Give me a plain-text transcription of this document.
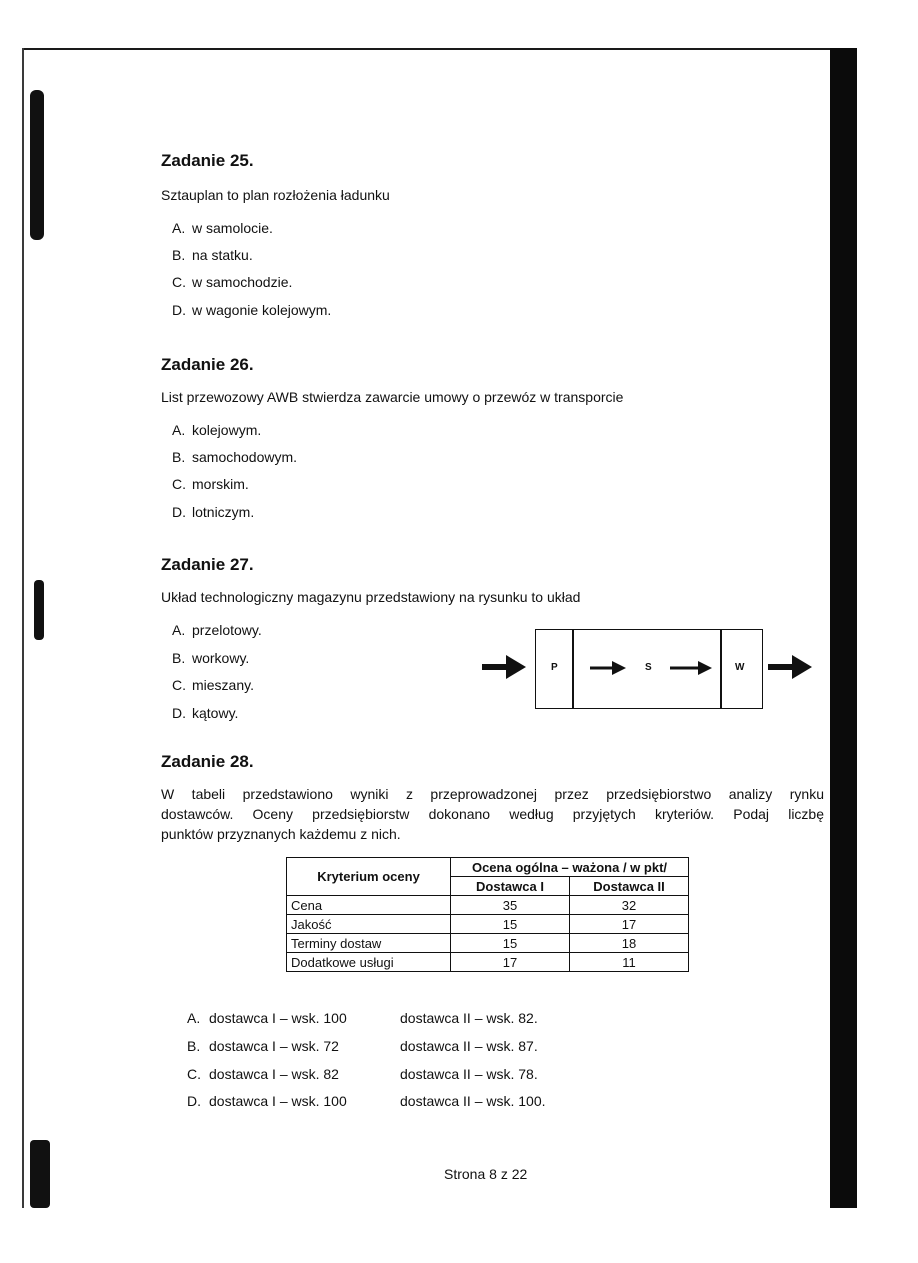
Zadanie 25.
Sztauplan to plan rozłożenia ładunku
A. w samolocie.
B. na statku.
C. w samochodzie.
D. w wagonie kolejowym.
Zadanie 26.
List przewozowy AWB stwierdza zawarcie umowy o przewóz w transporcie
A. kolejowym.
B. samochodowym.
C. morskim.
D. lotniczym.
Zadanie 27.
Układ technologiczny magazynu przedstawiony na rysunku to układ
A. przelotowy.
B. workowy.
C. mieszany.
D. kątowy.
P	S	W
Zadanie 28.
W tabeli przedstawiono wyniki z przeprowadzonej przez przedsiębiorstwo analizy rynku
dostawców. Oceny przedsiębiorstw dokonano według przyjętych kryteriów. Podaj liczbę
punktów przyznanych każdemu z nich.
Kryterium oceny	Ocena ogólna – ważona / w pkt/	
	Dostawca I	Dostawca II
Cena	35	32
Jakość	15	17
Terminy dostaw	15	18
Dodatkowe usługi	17	11
A. dostawca I – wsk. 100	dostawca II – wsk. 82.
B. dostawca I – wsk. 72	dostawca II – wsk. 87.
C. dostawca I – wsk. 82	dostawca II – wsk. 78.
D. dostawca I – wsk. 100	dostawca II – wsk. 100.
Strona 8 z 22
